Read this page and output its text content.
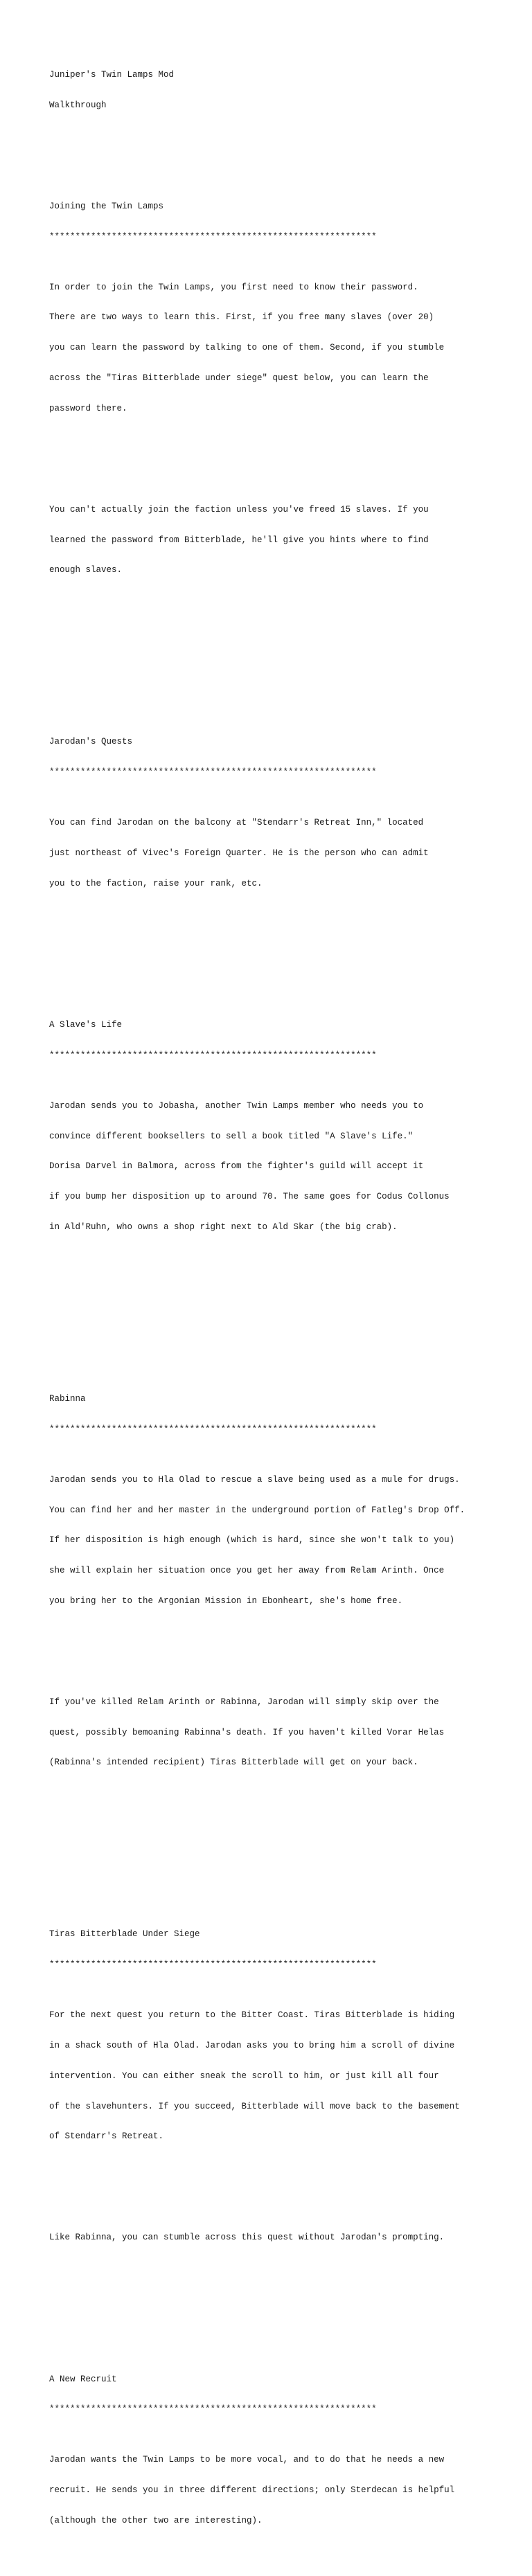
Juniper's Twin Lamps Mod

Walkthrough

Joining the Twin Lamps

***************************************************************

In order to join the Twin Lamps, you first need to know their password.

There are two ways to learn this. First, if you free many slaves (over 20)

you can learn the password by talking to one of them. Second, if you stumble

across the "Tiras Bitterblade under siege" quest below, you can learn the

password there.

You can't actually join the faction unless you've freed 15 slaves. If you

learned the password from Bitterblade, he'll give you hints where to find

enough slaves.

Jarodan's Quests

***************************************************************

You can find Jarodan on the balcony at "Stendarr's Retreat Inn," located

just northeast of Vivec's Foreign Quarter. He is the person who can admit

you to the faction, raise your rank, etc.

A Slave's Life

***************************************************************

Jarodan sends you to Jobasha, another Twin Lamps member who needs you to

convince different booksellers to sell a book titled "A Slave's Life."

Dorisa Darvel in Balmora, across from the fighter's guild will accept it

if you bump her disposition up to around 70. The same goes for Codus Collonus

in Ald'Ruhn, who owns a shop right next to Ald Skar (the big crab).

Rabinna

***************************************************************

Jarodan sends you to Hla Olad to rescue a slave being used as a mule for drugs.

You can find her and her master in the underground portion of Fatleg's Drop Off.

If her disposition is high enough (which is hard, since she won't talk to you)

she will explain her situation once you get her away from Relam Arinth. Once

you bring her to the Argonian Mission in Ebonheart, she's home free.

If you've killed Relam Arinth or Rabinna, Jarodan will simply skip over the

quest, possibly bemoaning Rabinna's death. If you haven't killed Vorar Helas

(Rabinna's intended recipient) Tiras Bitterblade will get on your back.

Tiras Bitterblade Under Siege

***************************************************************

For the next quest you return to the Bitter Coast. Tiras Bitterblade is hiding

in a shack south of Hla Olad. Jarodan asks you to bring him a scroll of divine

intervention. You can either sneak the scroll to him, or just kill all four

of the slavehunters. If you succeed, Bitterblade will move back to the basement

of Stendarr's Retreat.

Like Rabinna, you can stumble across this quest without Jarodan's prompting.

A New Recruit

***************************************************************

Jarodan wants the Twin Lamps to be more vocal, and to do that he needs a new

recruit. He sends you in three different directions; only Sterdecan is helpful

(although the other two are interesting).
